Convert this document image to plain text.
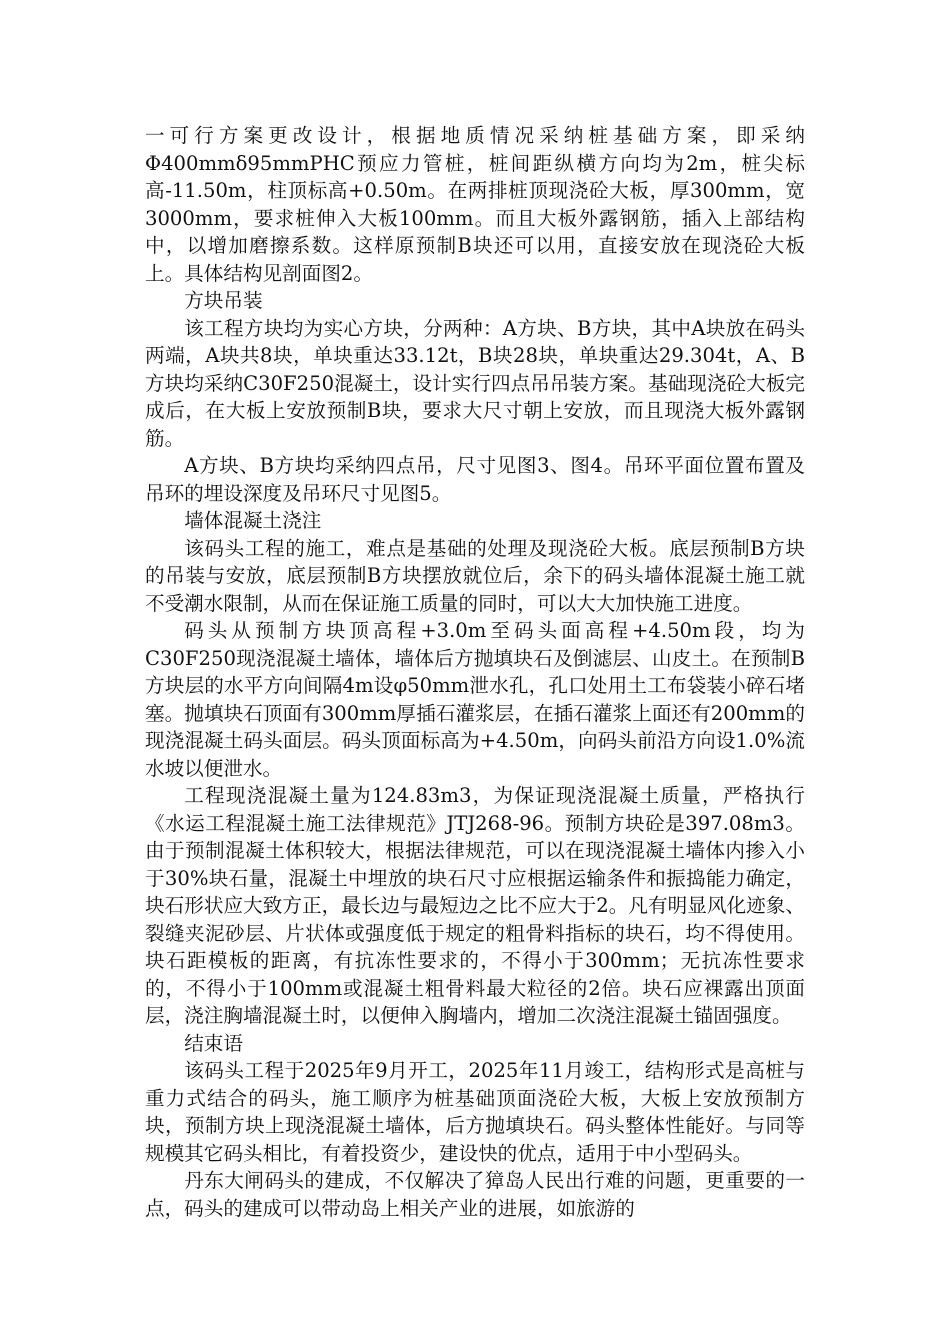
一可行方案更改设计，根据地质情况采纳桩基础方案，即采纳Φ400mmδ95mmPHC预应力管桩，桩间距纵横方向均为2m，桩尖标高-11.50m，柱顶标高+0.50m。在两排桩顶现浇砼大板，厚300mm，宽3000mm，要求桩伸入大板100mm。而且大板外露钢筋，插入上部结构中，以增加磨擦系数。这样原预制B块还可以用，直接安放在现浇砼大板上。具体结构见剖面图2。

方块吊装

该工程方块均为实心方块，分两种：A方块、B方块，其中A块放在码头两端，A块共8块，单块重达33.12t，B块28块，单块重达29.304t，A、B方块均采纳C30F250混凝土，设计实行四点吊吊装方案。基础现浇砼大板完成后，在大板上安放预制B块，要求大尺寸朝上安放，而且现浇大板外露钢筋。

A方块、B方块均采纳四点吊，尺寸见图3、图4。吊环平面位置布置及吊环的埋设深度及吊环尺寸见图5。

墙体混凝土浇注

该码头工程的施工，难点是基础的处理及现浇砼大板。底层预制B方块的吊装与安放，底层预制B方块摆放就位后，余下的码头墙体混凝土施工就不受潮水限制，从而在保证施工质量的同时，可以大大加快施工进度。

码头从预制方块顶高程+3.0m至码头面高程+4.50m段，均为C30F250现浇混凝土墙体，墙体后方抛填块石及倒滤层、山皮土。在预制B方块层的水平方向间隔4m设φ50mm泄水孔，孔口处用土工布袋装小碎石堵塞。抛填块石顶面有300mm厚插石灌浆层，在插石灌浆上面还有200mm的现浇混凝土码头面层。码头顶面标高为+4.50m，向码头前沿方向设1.0%流水坡以便泄水。

工程现浇混凝土量为124.83m3，为保证现浇混凝土质量，严格执行《水运工程混凝土施工法律规范》JTJ268-96。预制方块砼是397.08m3。由于预制混凝土体积较大，根据法律规范，可以在现浇混凝土墙体内掺入小于30%块石量，混凝土中埋放的块石尺寸应根据运输条件和振捣能力确定，块石形状应大致方正，最长边与最短边之比不应大于2。凡有明显风化迹象、裂缝夹泥砂层、片状体或强度低于规定的粗骨料指标的块石，均不得使用。块石距模板的距离，有抗冻性要求的，不得小于300mm；无抗冻性要求的，不得小于100mm或混凝土粗骨料最大粒径的2倍。块石应裸露出顶面层，浇注胸墙混凝土时，以便伸入胸墙内，增加二次浇注混凝土锚固强度。

结束语

该码头工程于2025年9月开工，2025年11月竣工，结构形式是高桩与重力式结合的码头，施工顺序为桩基础顶面浇砼大板，大板上安放预制方块，预制方块上现浇混凝土墙体，后方抛填块石。码头整体性能好。与同等规模其它码头相比，有着投资少，建设快的优点，适用于中小型码头。

丹东大闸码头的建成，不仅解决了獐岛人民出行难的问题，更重要的一点，码头的建成可以带动岛上相关产业的进展，如旅游的
